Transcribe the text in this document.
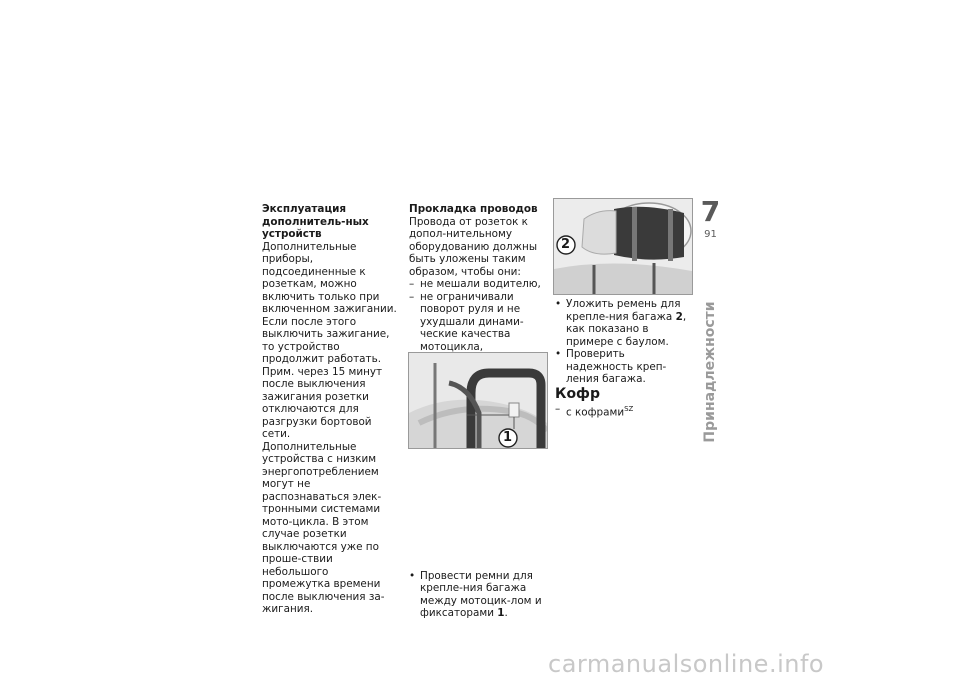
Эксплуатация дополнитель-ных устройств

Дополнительные приборы, подсоединенные к розеткам, можно включить только при включенном зажигании. Если после этого выключить зажигание, то устройство продолжит работать. Прим. через 15 минут после выключения зажигания розетки отключаются для разгрузки бортовой сети.

Дополнительные устройства с низким энергопотреблением могут не распознаваться элек-тронными системами мото-цикла. В этом случае розетки выключаются уже по проше-ствии небольшого промежутка времени после выключения за-жигания.

Прокладка проводов

Провода от розеток к допол-нительному оборудованию должны быть уложены таким образом, чтобы они:

– не мешали водителю,
– не ограничивали поворот руля и не ухудшали динами-ческие качества мотоцикла,
–

• Провести ремни для крепле-ния багажа между мотоцик-лом и фиксаторами 1.
1
2
• Уложить ремень для крепле-ния багажа 2, как показано в примере с баулом.
• Проверить надежность креп-ления багажа.

Кофр

– с кофрами$^{SZ}$
7
91
Принадлежности
carmanualsonline.info
